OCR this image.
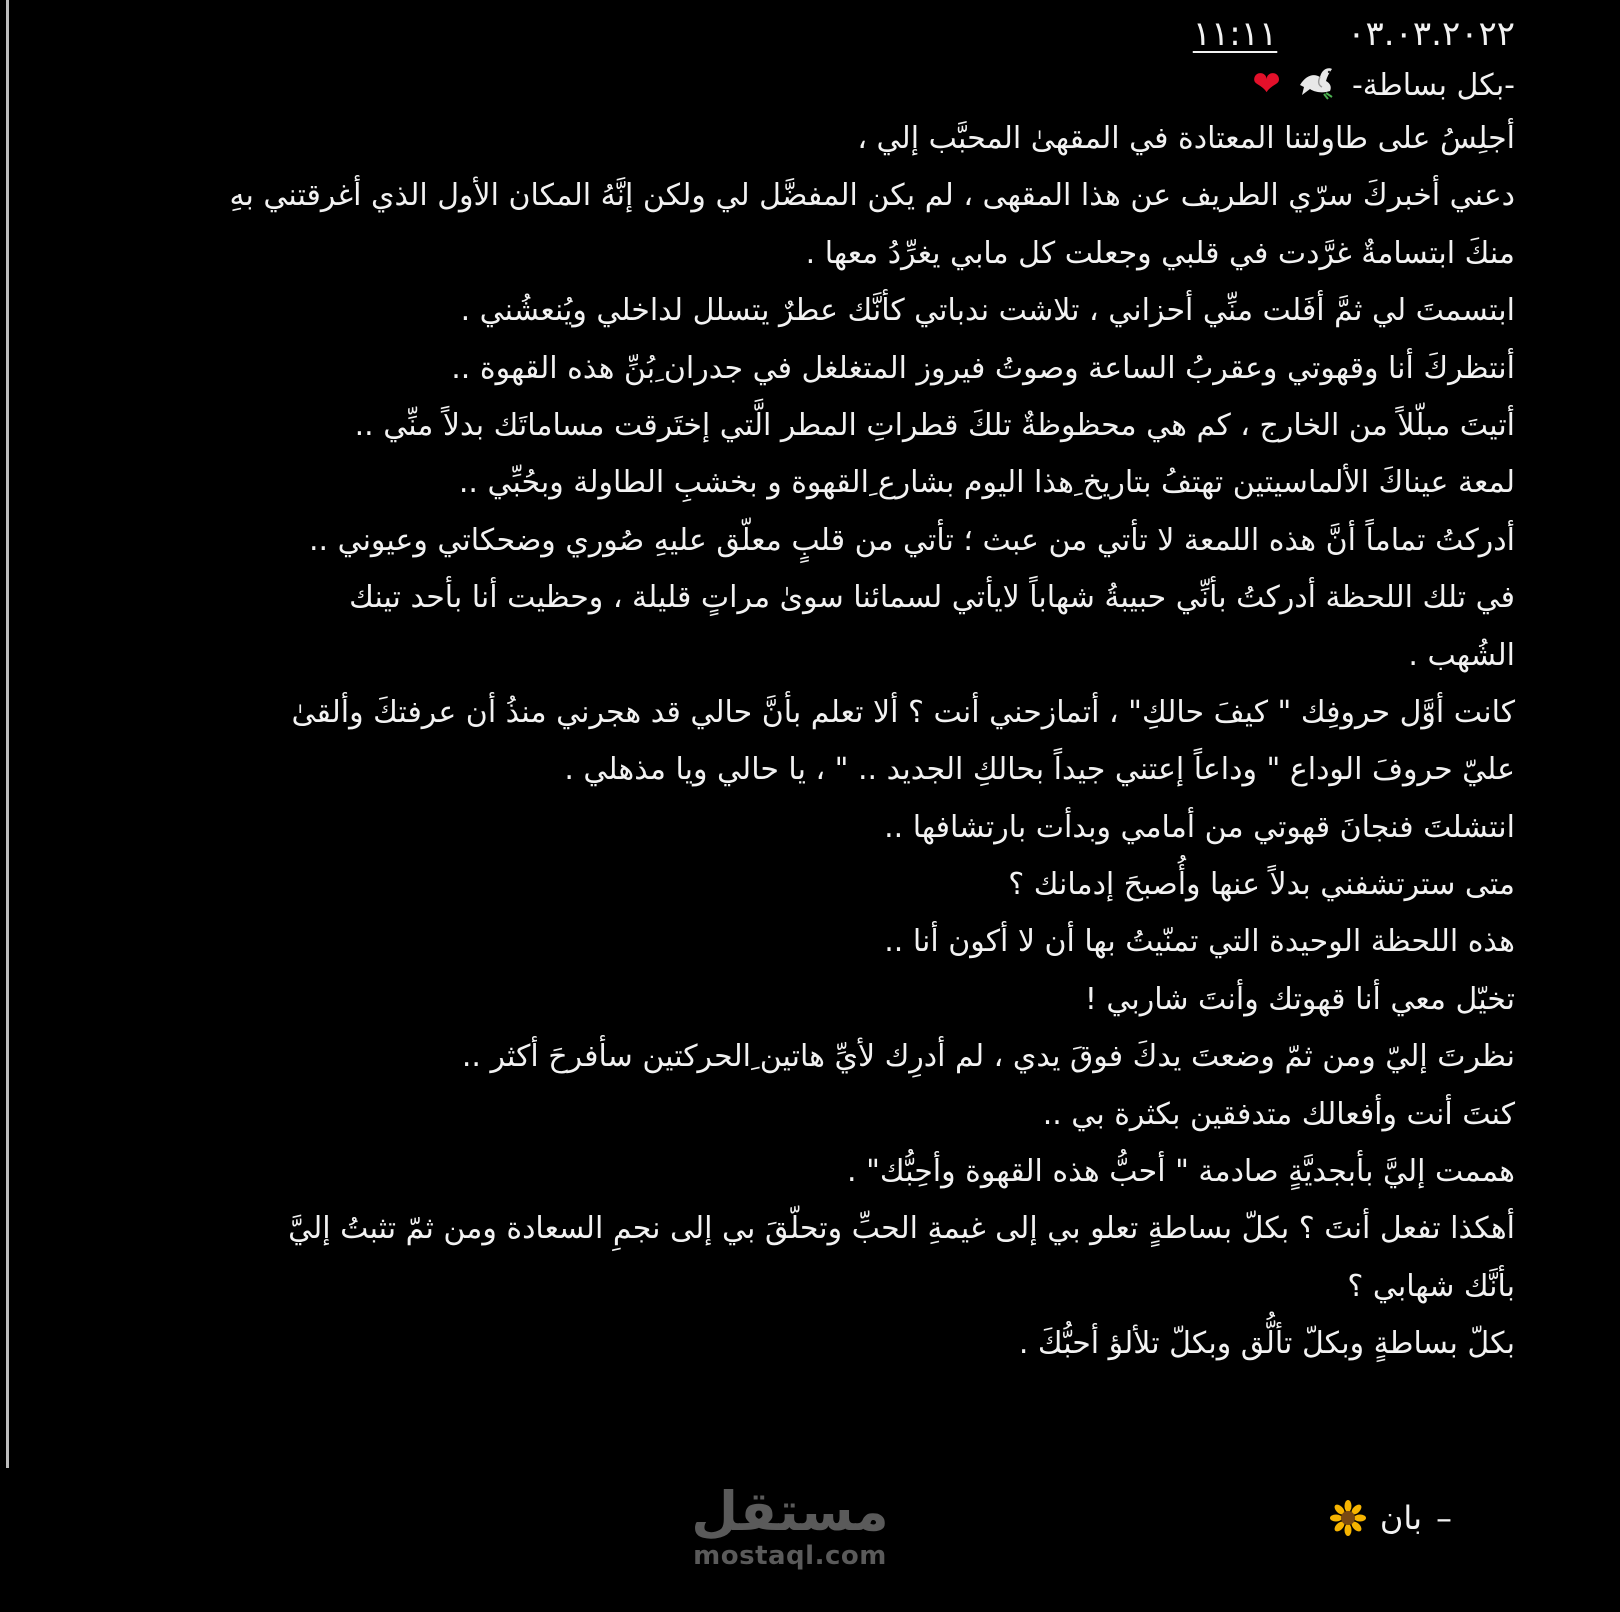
٠٣.٠٣.٢٠٢٢
١١:١١
-بكل بساطة-  ❤
أجلِسُ على طاولتنا المعتادة في المقهىٰ المحبَّب إلي ،
دعني أخبركَ سرّي الطريف عن هذا المقهى ، لم يكن المفضَّل لي ولكن إنَّهُ المكان الأول الذي أغرقتني بهِ
منكَ ابتسامةٌ غرَّدت في قلبي وجعلت كل مابي يغرِّدُ معها .
ابتسمتَ لي ثمَّ أفَلت منِّي أحزاني ، تلاشت ندباتي كأنَّك عطرٌ يتسلل لداخلي ويُنعشُني .
أنتظركَ أنا وقهوتي وعقربُ الساعة وصوتُ فيروز المتغلغل في جدران ِبُنِّ هذه القهوة ..
أتيتَ مبلّلاً من الخارج ، كم هي محظوظةٌ تلكَ قطراتِ المطر الَّتي إختَرقت مساماتَك بدلاً منِّي ..
لمعة عيناكَ الألماسيتين تهتفُ بتاريخ ِهذا اليوم بشارع ِالقهوة و بخشبِ الطاولة وبحُبِّي ..
أدركتُ تماماً أنَّ هذه اللمعة لا تأتي من عبث ؛ تأتي من قلبٍ معلّق عليهِ صُوري وضحكاتي وعيوني ..
في تلك اللحظة أدركتُ بأنِّي حبيبةُ شهاباً لايأتي لسمائنا سوىٰ مراتٍ قليلة ، وحظيت أنا بأحد تينك
الشُهب .
كانت أوَّل حروفِك " كيفَ حالكِ" ، أتمازحني أنت ؟ ألا تعلم بأنَّ حالي قد هجرني منذُ أن عرفتكَ وألقىٰ
عليّ حروفَ الوداع " وداعاً إعتني جيداً بحالكِ الجديد .. " ، يا حالي ويا مذهلي .
انتشلتَ فنجانَ قهوتي من أمامي وبدأت بارتشافها ..
متى سترتشفني بدلاً عنها وأُصبحَ إدمانك ؟
هذه اللحظة الوحيدة التي تمنّيتُ بها أن لا أكون أنا ..
تخيّل معي أنا قهوتك وأنتَ شاربي !
نظرتَ إليّ ومن ثمّ وضعتَ يدكَ فوقَ يدي ، لم أدرِك لأيِّ هاتين ِالحركتين سأفرحَ أكثر ..
كنتَ أنت وأفعالك متدفقين بكثرة بي ..
هممت إليَّ بأبجديَّةٍ صادمة " أحبُّ هذه القهوة وأحِبُّك" .
أهكذا تفعل أنتَ ؟ بكلّ بساطةٍ تعلو بي إلى غيمةِ الحبِّ وتحلّقَ بي إلى نجمِ السعادة ومن ثمّ تثبتُ إليَّ
بأنَّك شهابي ؟
بكلّ بساطةٍ وبكلّ تألُّق وبكلّ تلألؤ أحبُّكَ .
–
بان
مستقل
mostaql.com
